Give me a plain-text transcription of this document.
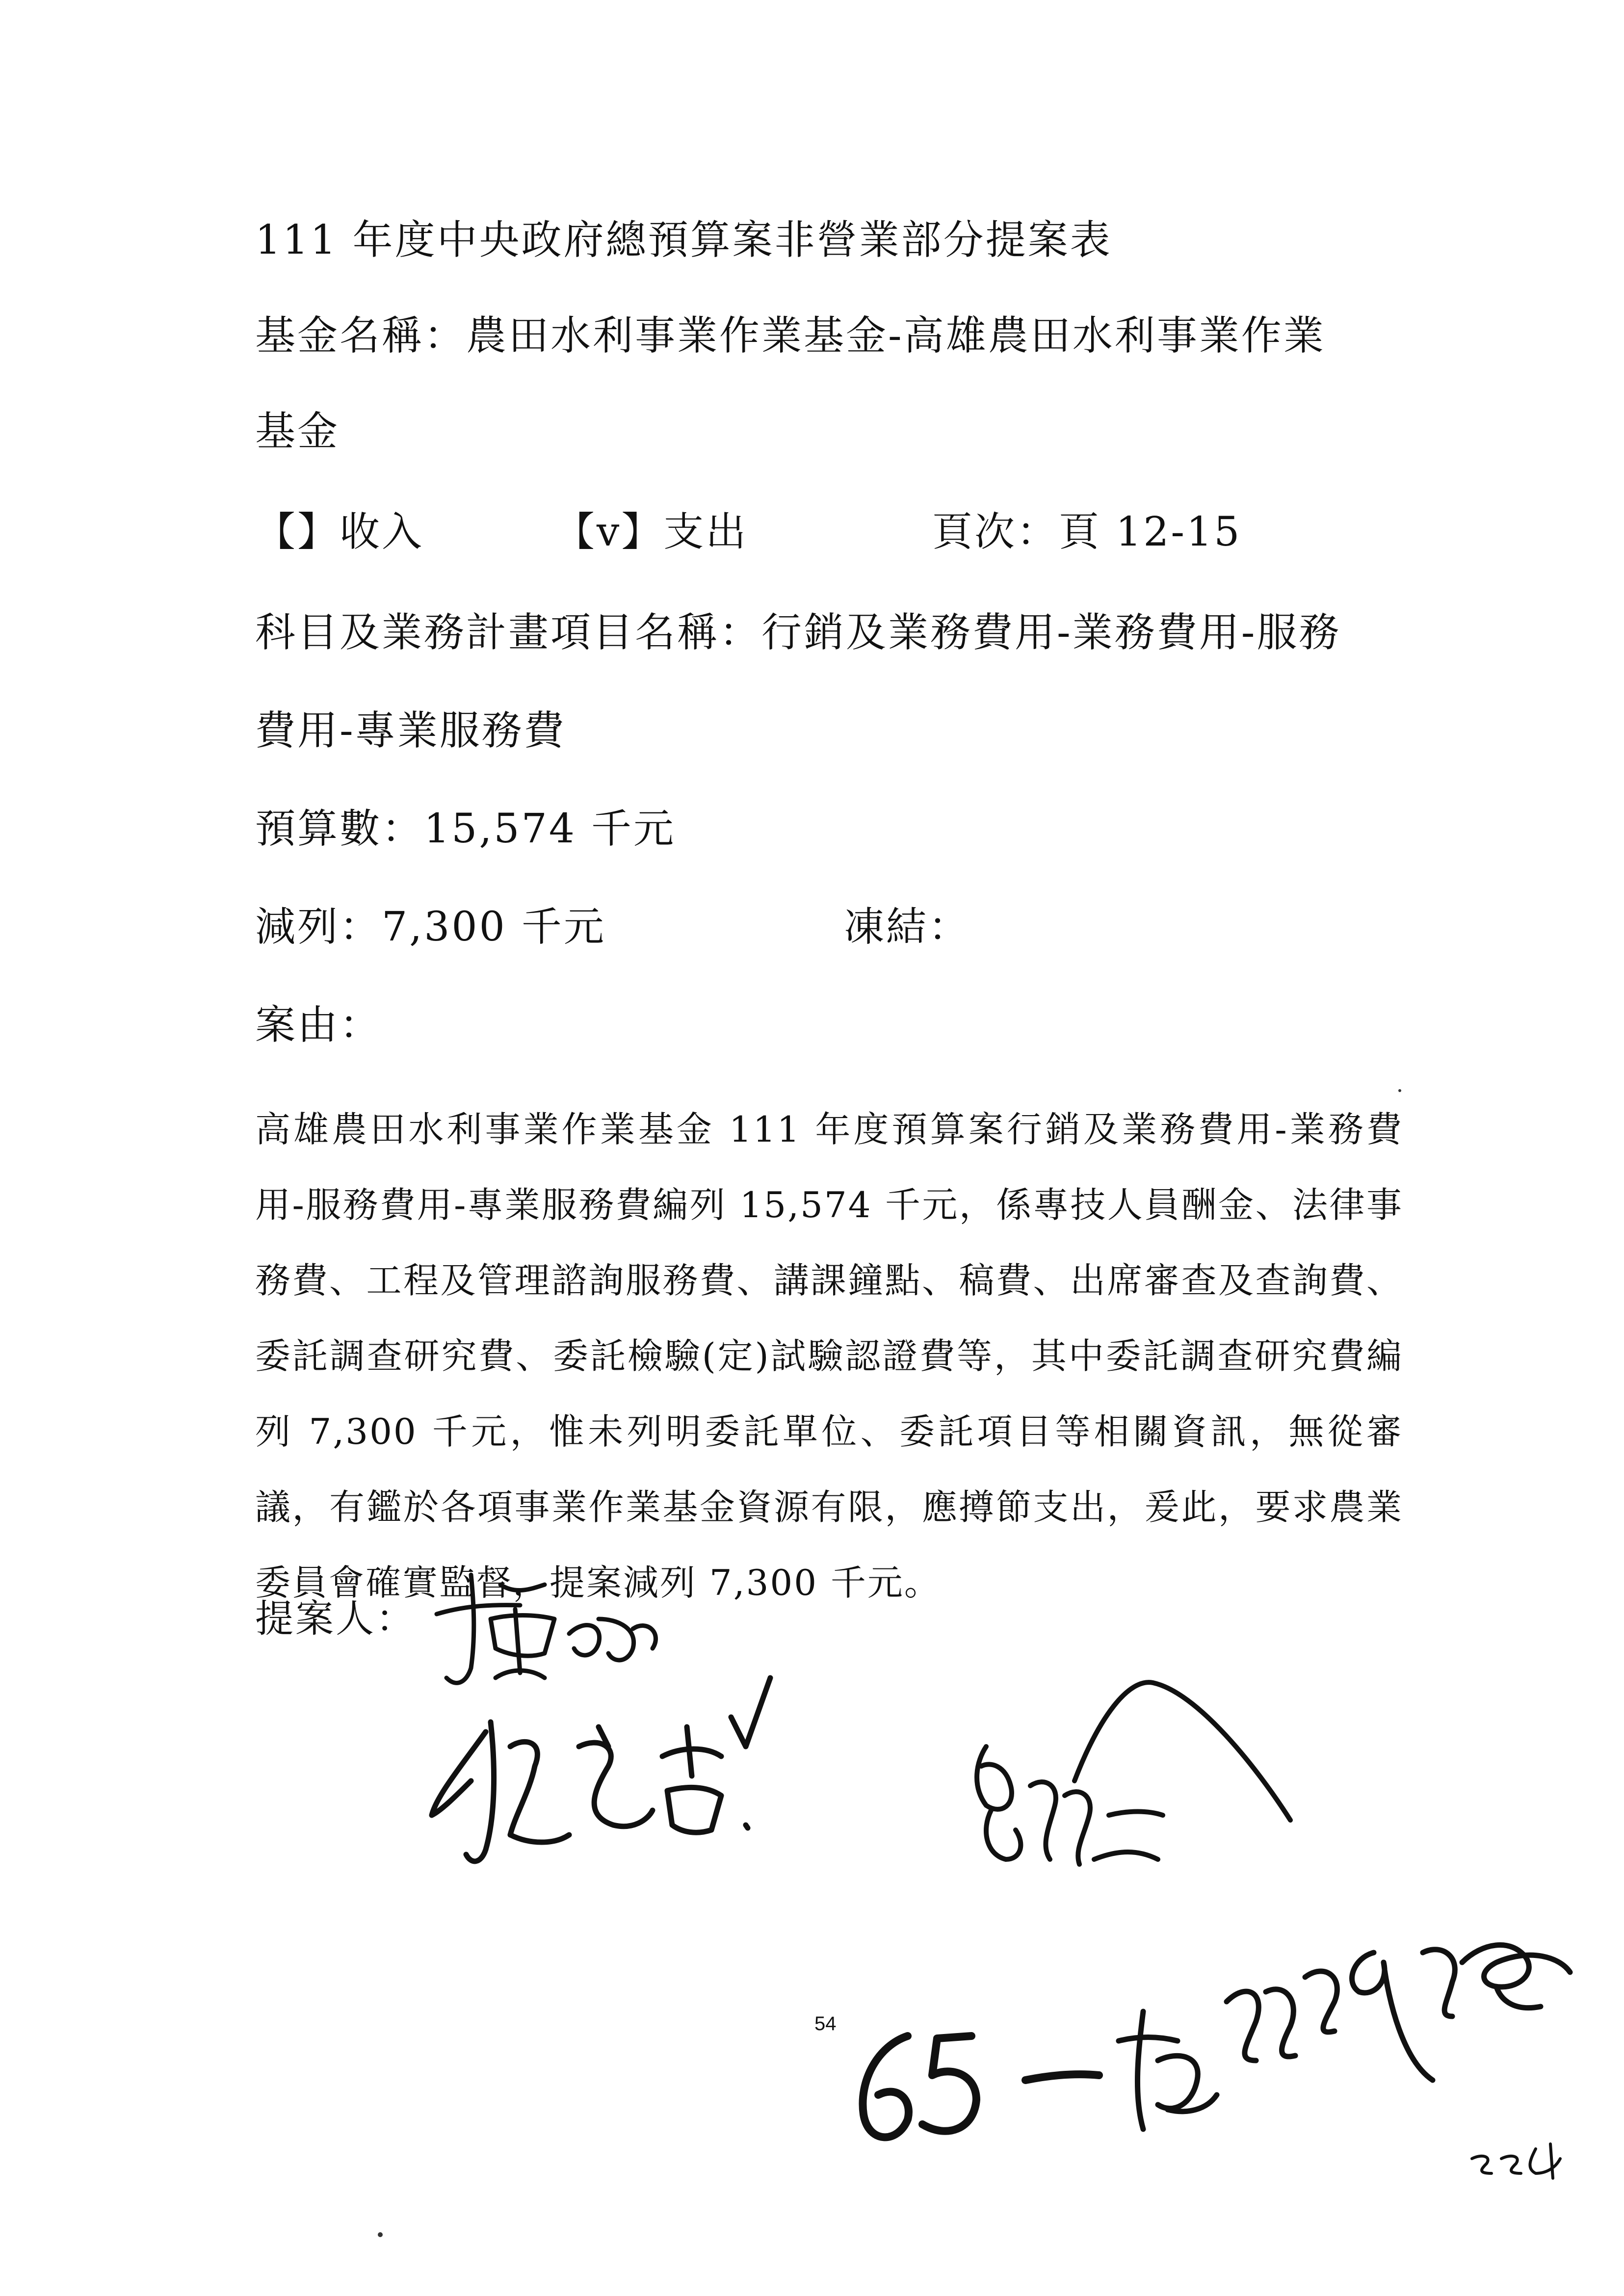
111 年度中央政府總預算案非營業部分提案表
基金名稱：農田水利事業作業基金-高雄農田水利事業作業
基金
【】收入	【v】支出	頁次：頁 12-15
科目及業務計畫項目名稱：行銷及業務費用-業務費用-服務
費用-專業服務費
預算數：15,574 千元
減列：7,300 千元	凍結：
案由：
高雄農田水利事業作業基金 111 年度預算案行銷及業務費用-業務費用-服務費用-專業服務費編列 15,574 千元，係專技人員酬金、法律事務費、工程及管理諮詢服務費、講課鐘點、稿費、出席審查及查詢費、委託調查研究費、委託檢驗(定)試驗認證費等，其中委託調查研究費編列 7,300 千元，惟未列明委託單位、委託項目等相關資訊，無從審議，有鑑於各項事業作業基金資源有限，應撙節支出，爰此，要求農業委員會確實監督，提案減列 7,300 千元。
提案人：
54
